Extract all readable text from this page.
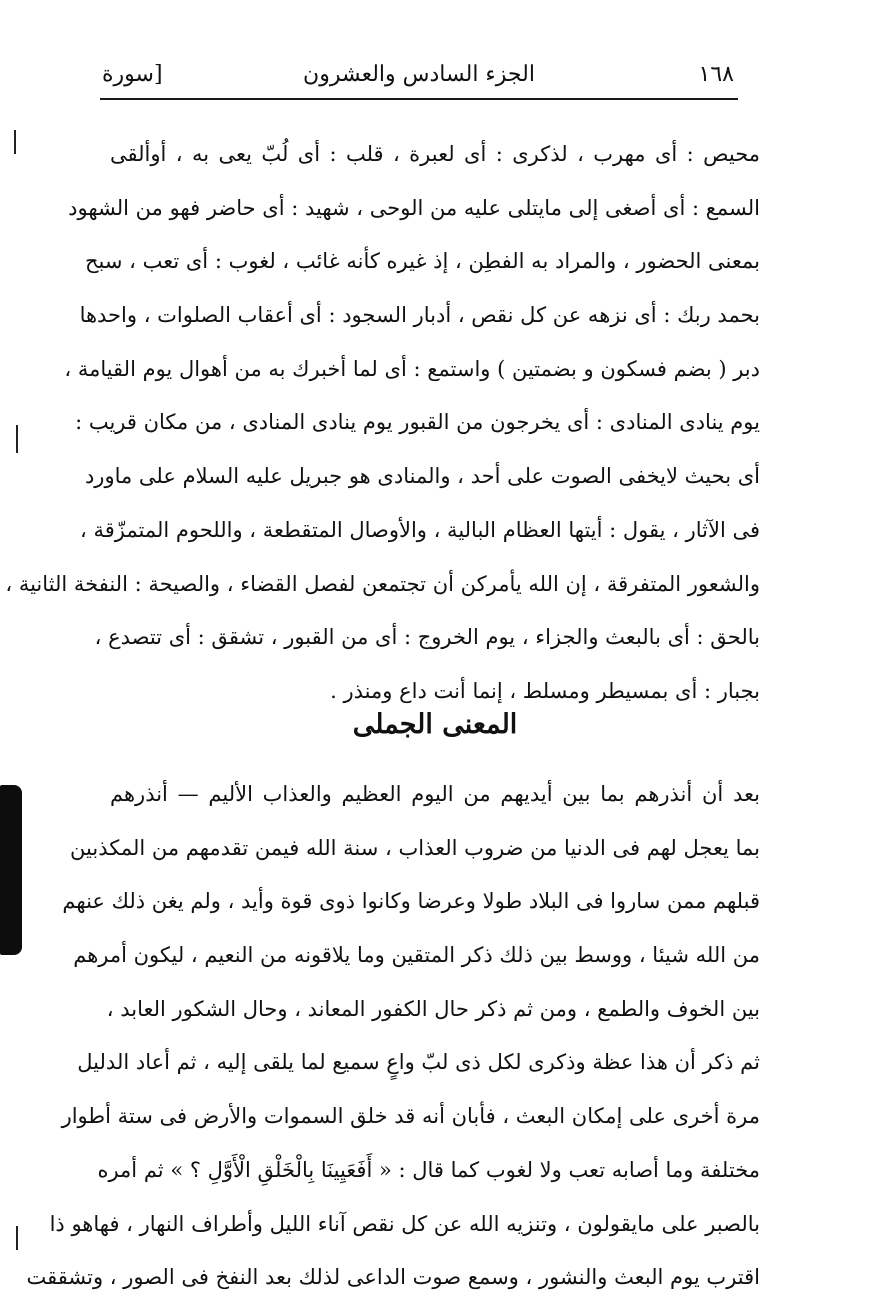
١٦٨
الجزء السادس والعشرون
[سورة
محيص : أى مهرب ، لذكرى : أى لعبرة ، قلب : أى لُبّ يعى به ، أوألقى
السمع : أى أصغى إلى مايتلى عليه من الوحى ، شهيد : أى حاضر فهو من الشهود
بمعنى الحضور ، والمراد به الفطِن ، إذ غيره كأنه غائب ، لغوب : أى تعب ، سبح
بحمد ربك : أى نزهه عن كل نقص ، أدبار السجود : أى أعقاب الصلوات ، واحدها
دبر ( بضم فسكون و بضمتين ) واستمع : أى لما أخبرك به من أهوال يوم القيامة ،
يوم ينادى المنادى : أى يخرجون من القبور يوم ينادى المنادى ، من مكان قريب :
أى بحيث لايخفى الصوت على أحد ، والمنادى هو جبريل عليه السلام على ماورد
فى الآثار ، يقول : أيتها العظام البالية ، والأوصال المتقطعة ، واللحوم المتمزّقة ،
والشعور المتفرقة ، إن الله يأمركن أن تجتمعن لفصل القضاء ، والصيحة : النفخة الثانية ،
بالحق : أى بالبعث والجزاء ، يوم الخروج : أى من القبور ، تشقق : أى تتصدع ،
بجبار : أى بمسيطر ومسلط ، إنما أنت داع ومنذر .
المعنى الجملى
بعد أن أنذرهم بما بين أيديهم من اليوم العظيم والعذاب الأليم — أنذرهم
بما يعجل لهم فى الدنيا من ضروب العذاب ، سنة الله فيمن تقدمهم من المكذبين
قبلهم ممن ساروا فى البلاد طولا وعرضا وكانوا ذوى قوة وأيد ، ولم يغن ذلك عنهم
من الله شيئا ، ووسط بين ذلك ذكر المتقين وما يلاقونه من النعيم ، ليكون أمرهم
بين الخوف والطمع ، ومن ثم ذكر حال الكفور المعاند ، وحال الشكور العابد ،
ثم ذكر أن هذا عظة وذكرى لكل ذى لبّ واعٍ سميع لما يلقى إليه ، ثم أعاد الدليل
مرة أخرى على إمكان البعث ، فأبان أنه قد خلق السموات والأرض فى ستة أطوار
مختلفة وما أصابه تعب ولا لغوب كما قال : « أَفَعَيِينَا بِالْخَلْقِ الْأَوَّلِ ؟ » ثم أمره
بالصبر على مايقولون ، وتنزيه الله عن كل نقص آناء الليل وأطراف النهار ، فهاهو ذا
اقترب يوم البعث والنشور ، وسمع صوت الداعى لذلك بعد النفخ فى الصور ، وتشققت
